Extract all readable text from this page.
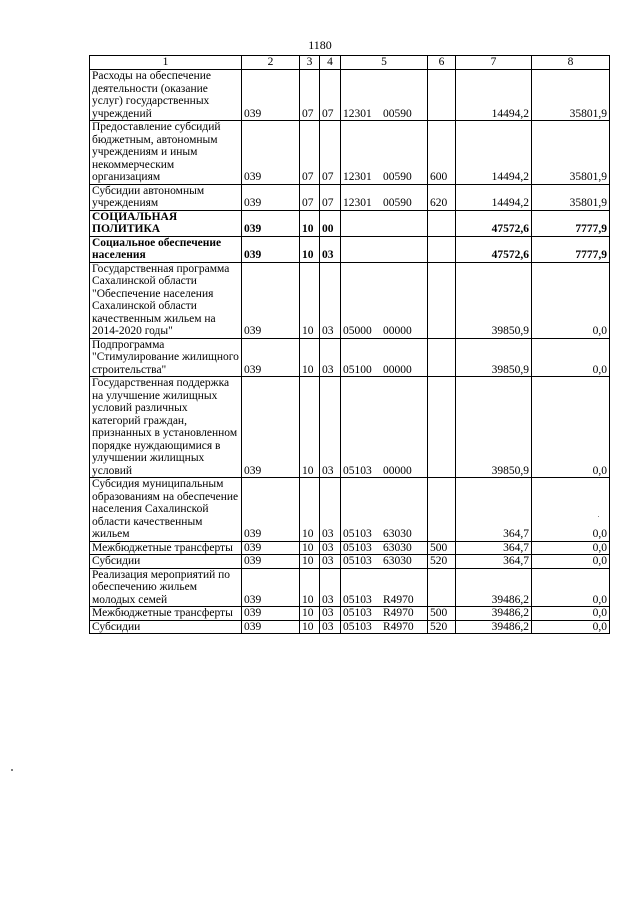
1180
1	2	3	4	5	6	7	8
Расходы на обеспечение деятельности (оказание услуг) государственных учреждений	039	07	07	12301 00590		14494,2	35801,9
Предоставление субсидий бюджетным, автономным учреждениям и иным некоммерческим организациям	039	07	07	12301 00590	600	14494,2	35801,9
Субсидии автономным учреждениям	039	07	07	12301 00590	620	14494,2	35801,9
СОЦИАЛЬНАЯ ПОЛИТИКА	039	10	00			47572,6	7777,9
Социальное обеспечение населения	039	10	03			47572,6	7777,9
Государственная программа Сахалинской области "Обеспечение населения Сахалинской области качественным жильем на 2014-2020 годы"	039	10	03	05000 00000		39850,9	0,0
Подпрограмма "Стимулирование жилищного строительства"	039	10	03	05100 00000		39850,9	0,0
Государственная поддержка на улучшение жилищных условий различных категорий граждан, признанных в установленном порядке нуждающимися в улучшении жилищных условий	039	10	03	05103 00000		39850,9	0,0
Субсидия муниципальным образованиям на обеспечение населения Сахалинской области качественным жильем	039	10	03	05103 63030		364,7	0,0
Межбюджетные трансферты	039	10	03	05103 63030	500	364,7	0,0
Субсидии	039	10	03	05103 63030	520	364,7	0,0
Реализация мероприятий по обеспечению жильем молодых семей	039	10	03	05103 R4970		39486,2	0,0
Межбюджетные трансферты	039	10	03	05103 R4970	500	39486,2	0,0
Субсидии	039	10	03	05103 R4970	520	39486,2	0,0
